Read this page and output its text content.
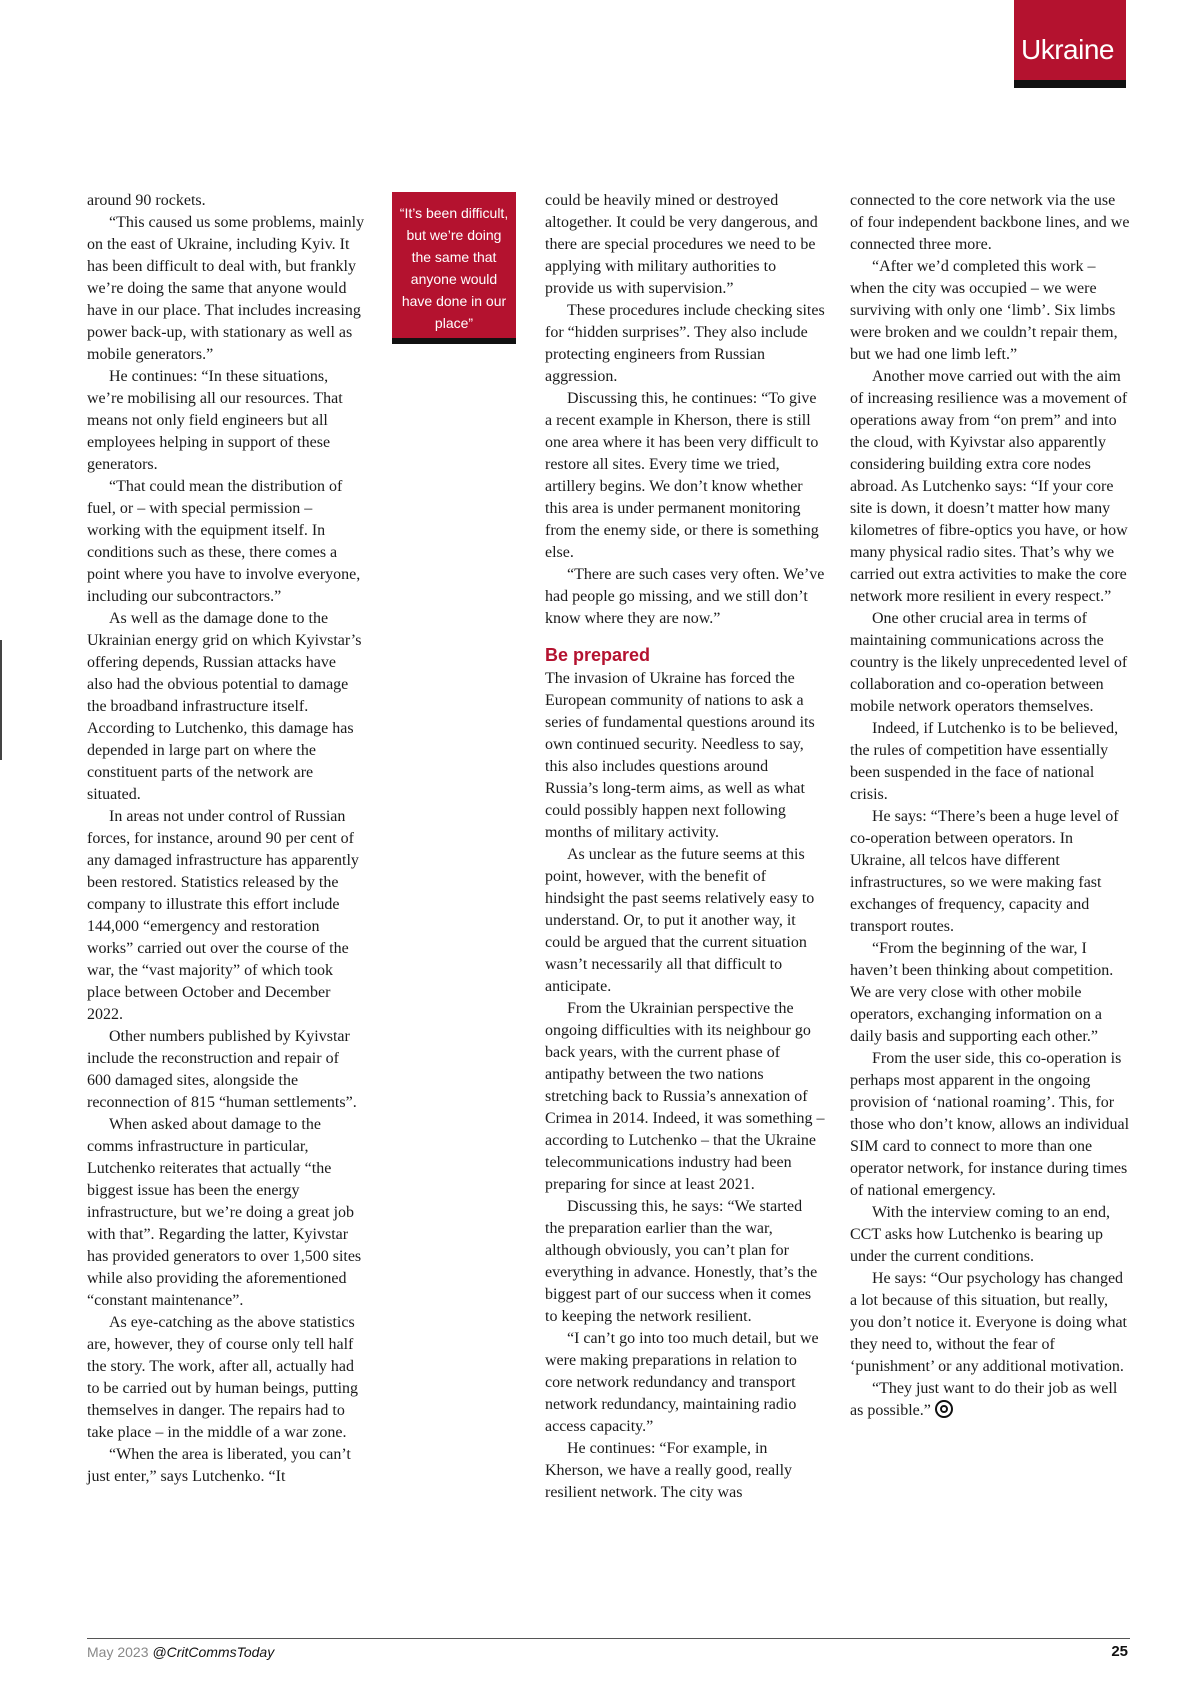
Ukraine

around 90 rockets.

“This caused us some problems, mainly on the east of Ukraine, including Kyiv. It has been difficult to deal with, but frankly we’re doing the same that anyone would have in our place. That includes increasing power back-up, with stationary as well as mobile generators.”

He continues: “In these situations, we’re mobilising all our resources. That means not only field engineers but all employees helping in support of these generators.

“That could mean the distribution of fuel, or – with special permission – working with the equipment itself. In conditions such as these, there comes a point where you have to involve everyone, including our subcontractors.”

As well as the damage done to the Ukrainian energy grid on which Kyivstar’s offering depends, Russian attacks have also had the obvious potential to damage the broadband infrastructure itself. According to Lutchenko, this damage has depended in large part on where the constituent parts of the network are situated.

In areas not under control of Russian forces, for instance, around 90 per cent of any damaged infrastructure has apparently been restored. Statistics released by the company to illustrate this effort include 144,000 “emergency and restoration works” carried out over the course of the war, the “vast majority” of which took place between October and December 2022.

Other numbers published by Kyivstar include the reconstruction and repair of 600 damaged sites, alongside the reconnection of 815 “human settlements”.

When asked about damage to the comms infrastructure in particular, Lutchenko reiterates that actually “the biggest issue has been the energy infrastructure, but we’re doing a great job with that”. Regarding the latter, Kyivstar has provided generators to over 1,500 sites while also providing the aforementioned “constant maintenance”.

As eye-catching as the above statistics are, however, they of course only tell half the story. The work, after all, actually had to be carried out by human beings, putting themselves in danger. The repairs had to take place – in the middle of a war zone.

“When the area is liberated, you can’t just enter,” says Lutchenko. “It

“It’s been difficult, but we’re doing the same that anyone would have done in our place”

could be heavily mined or destroyed altogether. It could be very dangerous, and there are special procedures we need to be applying with military authorities to provide us with supervision.”

These procedures include checking sites for “hidden surprises”. They also include protecting engineers from Russian aggression.

Discussing this, he continues: “To give a recent example in Kherson, there is still one area where it has been very difficult to restore all sites. Every time we tried, artillery begins. We don’t know whether this area is under permanent monitoring from the enemy side, or there is something else.

“There are such cases very often. We’ve had people go missing, and we still don’t know where they are now.”

Be prepared

The invasion of Ukraine has forced the European community of nations to ask a series of fundamental questions around its own continued security. Needless to say, this also includes questions around Russia’s long-term aims, as well as what could possibly happen next following months of military activity.

As unclear as the future seems at this point, however, with the benefit of hindsight the past seems relatively easy to understand. Or, to put it another way, it could be argued that the current situation wasn’t necessarily all that difficult to anticipate.

From the Ukrainian perspective the ongoing difficulties with its neighbour go back years, with the current phase of antipathy between the two nations stretching back to Russia’s annexation of Crimea in 2014. Indeed, it was something – according to Lutchenko – that the Ukraine telecommunications industry had been preparing for since at least 2021.

Discussing this, he says: “We started the preparation earlier than the war, although obviously, you can’t plan for everything in advance. Honestly, that’s the biggest part of our success when it comes to keeping the network resilient.

“I can’t go into too much detail, but we were making preparations in relation to core network redundancy and transport network redundancy, maintaining radio access capacity.”

He continues: “For example, in Kherson, we have a really good, really resilient network. The city was

connected to the core network via the use of four independent backbone lines, and we connected three more.

“After we’d completed this work – when the city was occupied – we were surviving with only one ‘limb’. Six limbs were broken and we couldn’t repair them, but we had one limb left.”

Another move carried out with the aim of increasing resilience was a movement of operations away from “on prem” and into the cloud, with Kyivstar also apparently considering building extra core nodes abroad. As Lutchenko says: “If your core site is down, it doesn’t matter how many kilometres of fibre-optics you have, or how many physical radio sites. That’s why we carried out extra activities to make the core network more resilient in every respect.”

One other crucial area in terms of maintaining communications across the country is the likely unprecedented level of collaboration and co-operation between mobile network operators themselves.

Indeed, if Lutchenko is to be believed, the rules of competition have essentially been suspended in the face of national crisis.

He says: “There’s been a huge level of co-operation between operators. In Ukraine, all telcos have different infrastructures, so we were making fast exchanges of frequency, capacity and transport routes.

“From the beginning of the war, I haven’t been thinking about competition. We are very close with other mobile operators, exchanging information on a daily basis and supporting each other.”

From the user side, this co-operation is perhaps most apparent in the ongoing provision of ‘national roaming’. This, for those who don’t know, allows an individual SIM card to connect to more than one operator network, for instance during times of national emergency.

With the interview coming to an end, CCT asks how Lutchenko is bearing up under the current conditions.

He says: “Our psychology has changed a lot because of this situation, but really, you don’t notice it. Everyone is doing what they need to, without the fear of ‘punishment’ or any additional motivation.

“They just want to do their job as well as possible.”

May 2023 @CritCommsToday	25
